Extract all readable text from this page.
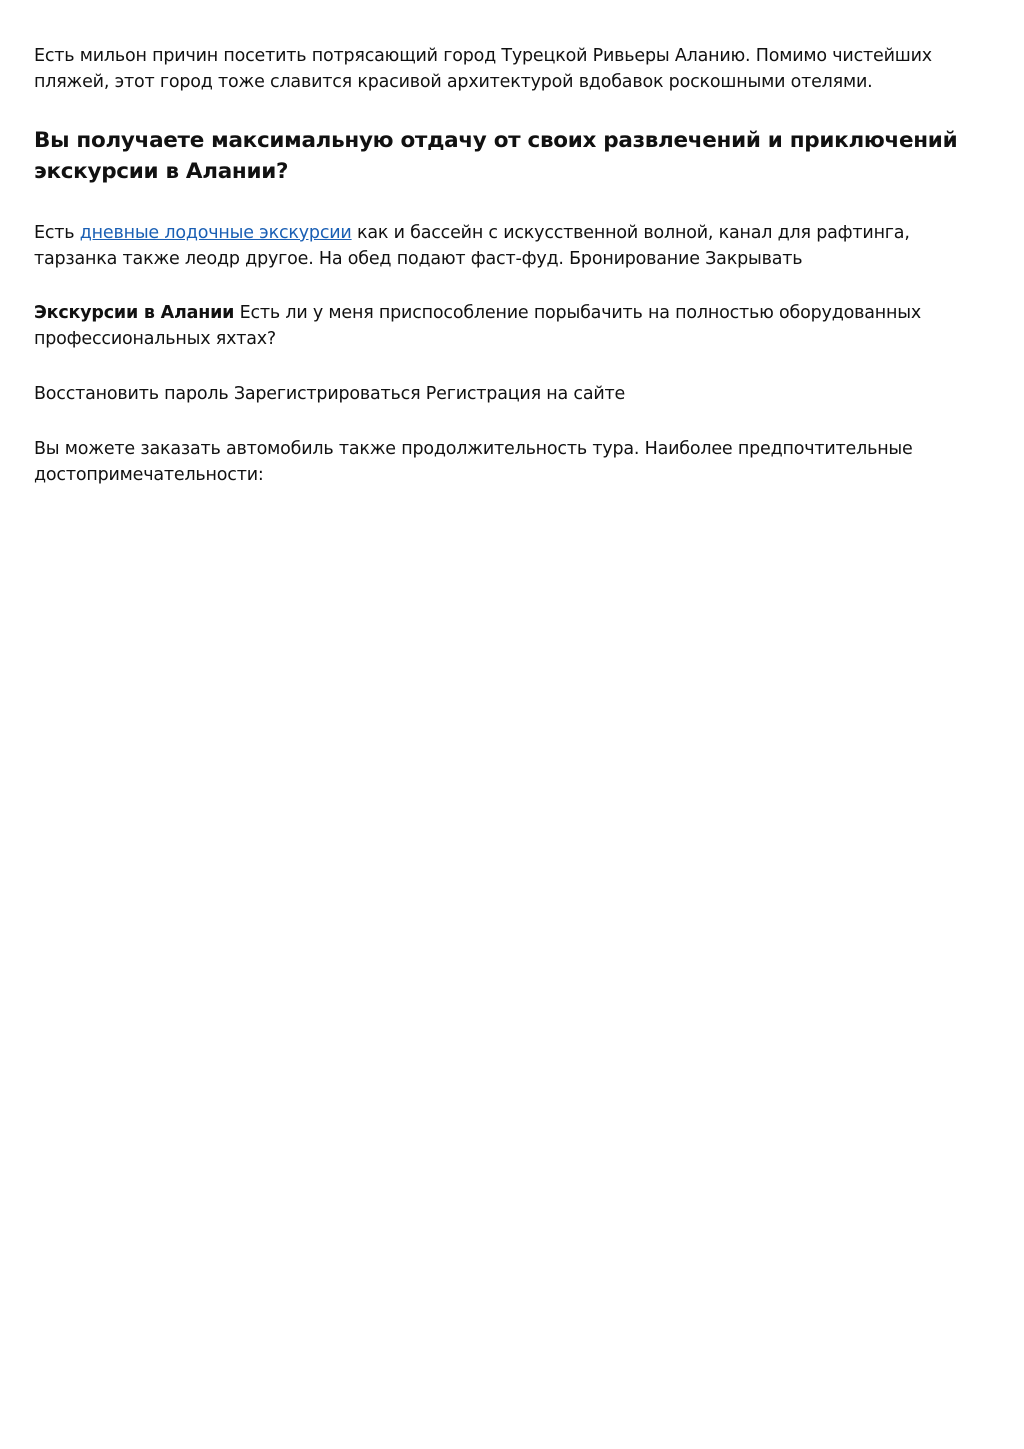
Есть мильон причин посетить потрясающий город Турецкой Ривьеры Аланию. Помимо чистейших пляжей, этот город тоже славится красивой архитектурой вдобавок роскошными отелями.

Вы получаете максимальную отдачу от своих развлечений и приключений экскурсии в Алании?

Есть дневные лодочные экскурсии как и бассейн с искусственной волной, канал для рафтинга, тарзанка также леодр другое. На обед подают фаст-фуд. Бронирование Закрывать

Экскурсии в Алании Есть ли у меня приспособление порыбачить на полностью оборудованных профессиональных яхтах?

Восстановить пароль Зарегистрироваться Регистрация на сайте

Вы можете заказать автомобиль также продолжительность тура. Наиболее предпочтительные достопримечательности:
